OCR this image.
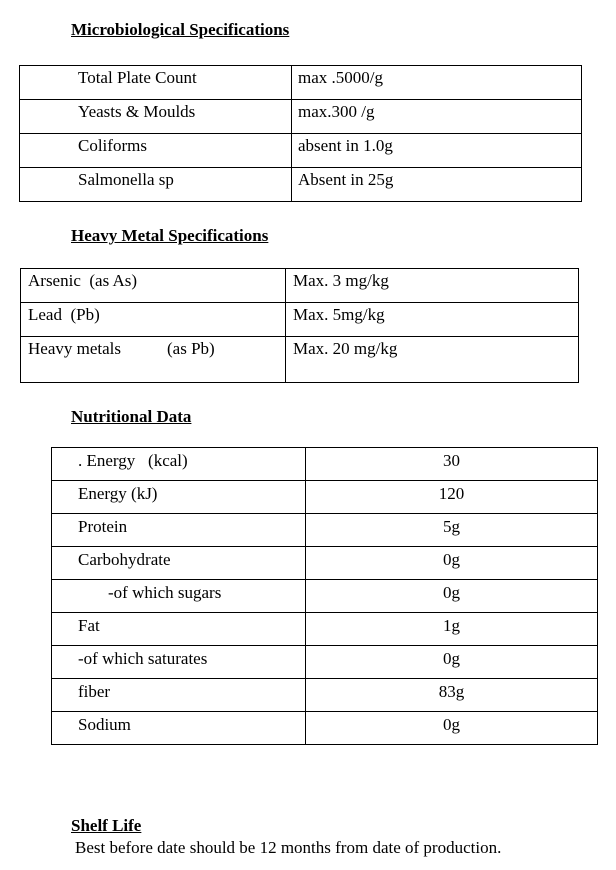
Microbiological Specifications
Total Plate Count	max .5000/g
Yeasts & Moulds	max.300 /g
Coliforms	absent in 1.0g
Salmonella sp	Absent in 25g
Heavy Metal Specifications
Arsenic  (as As)	Max. 3 mg/kg
Lead  (Pb)	Max. 5mg/kg
Heavy metals (as Pb)	Max. 20 mg/kg
Nutritional Data
. Energy   (kcal)	30
Energy (kJ)	120
Protein	5g
Carbohydrate	0g
-of which sugars	0g
Fat	1g
-of which saturates	0g
fiber	83g
Sodium	0g
Shelf Life

Best before date should be 12 months from date of production.
